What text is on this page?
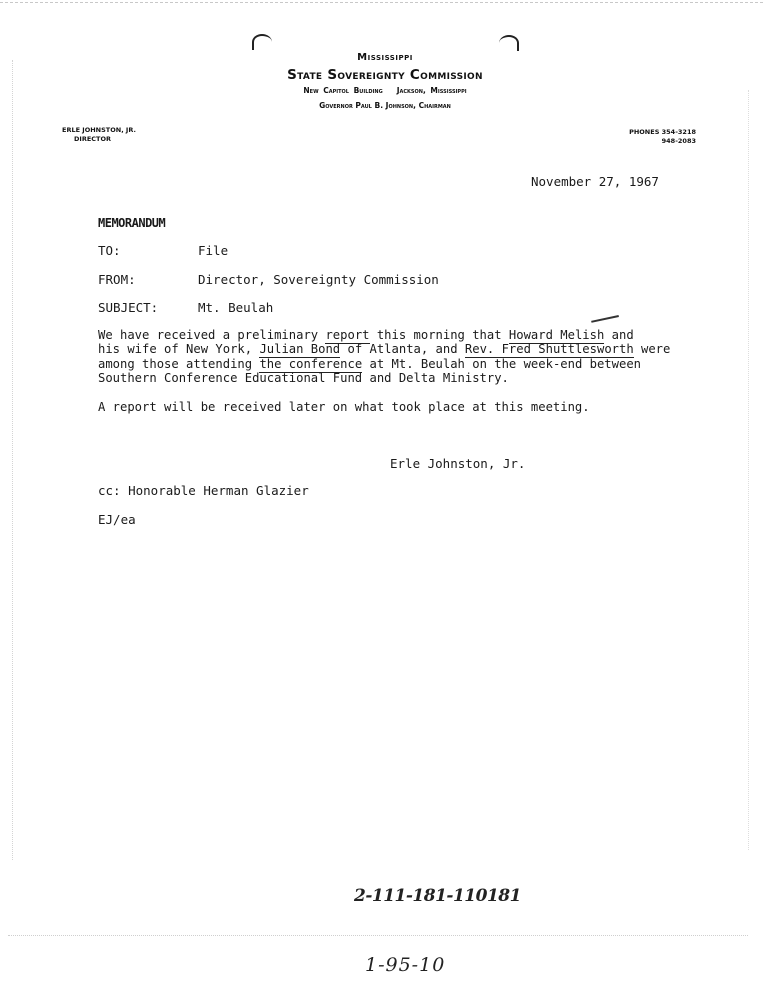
Mississippi
State Sovereignty Commission
New Capitol Building Jackson, Mississippi
Governor Paul B. Johnson, Chairman
ERLE JOHNSTON, JR.
DIRECTOR
PHONES 354-3218
948-2083
November 27, 1967
MEMORANDUM
TO:	File
FROM:	Director, Sovereignty Commission
SUBJECT:	Mt. Beulah
We have received a preliminary report this morning that Howard Melish and
his wife of New York, Julian Bond of Atlanta, and Rev. Fred Shuttlesworth were
among those attending the conference at Mt. Beulah on the week-end between
Southern Conference Educational Fund and Delta Ministry.
A report will be received later on what took place at this meeting.
Erle Johnston, Jr.
cc: Honorable Herman Glazier
EJ/ea
2-111-181-110181
1-95-10
